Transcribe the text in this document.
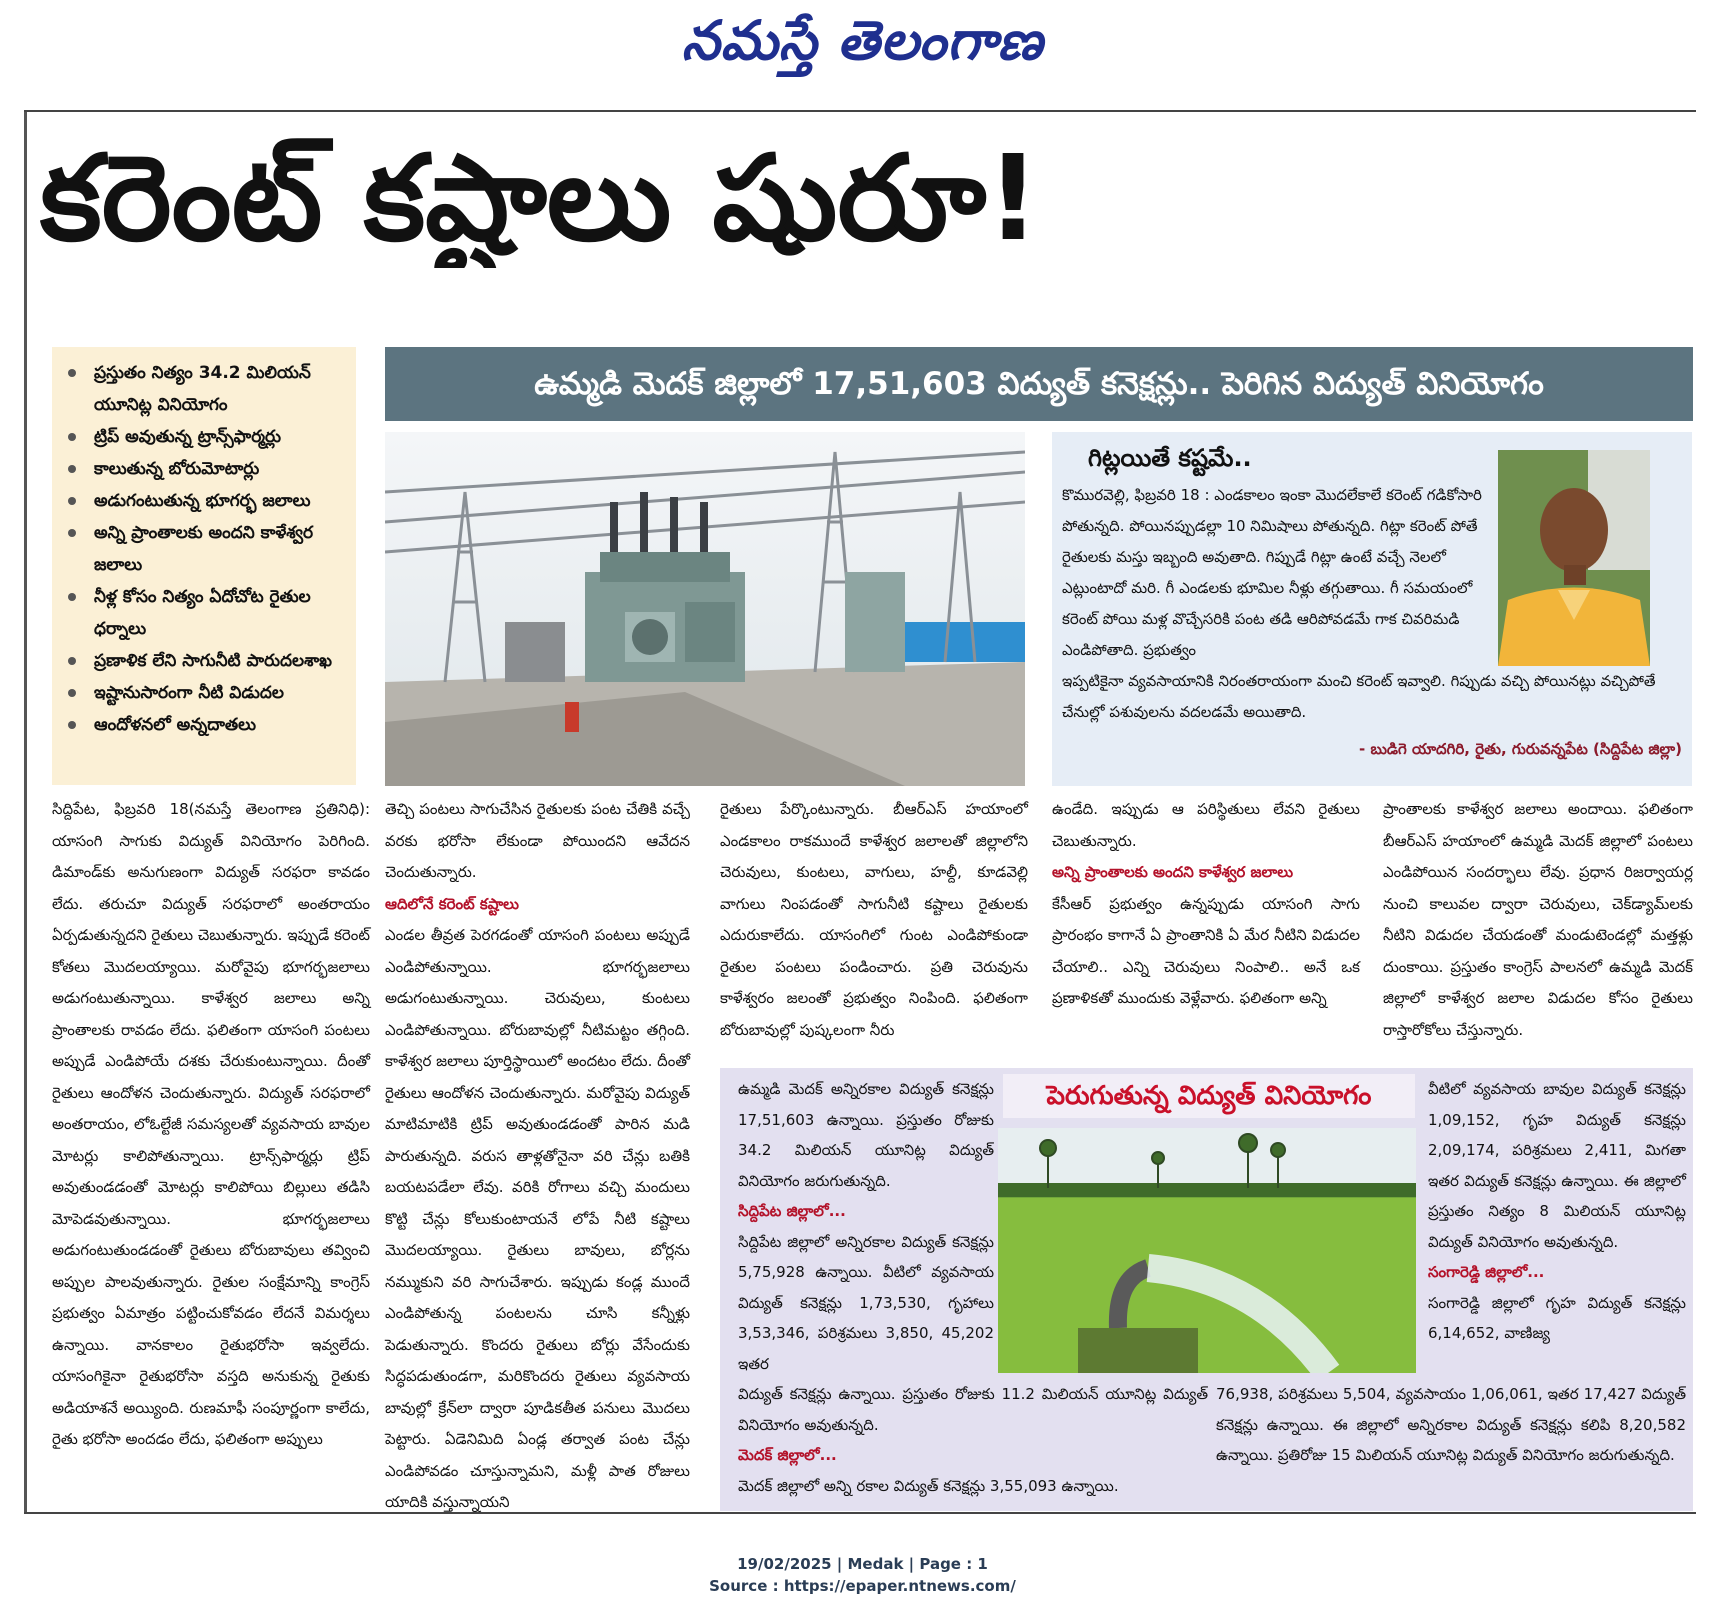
నమస్తే తెలంగాణ
కరెంట్ కష్టాలు షురూ!
ప్రస్తుతం నిత్యం 34.2 మిలియన్ యూనిట్ల వినియోగం
ట్రిప్ అవుతున్న ట్రాన్స్‌ఫార్మర్లు
కాలుతున్న బోరుమోటార్లు
అడుగంటుతున్న భూగర్భ జలాలు
అన్ని ప్రాంతాలకు అందని కాళేశ్వర జలాలు
నీళ్ల కోసం నిత్యం ఏదోచోట రైతుల ధర్నాలు
ప్రణాళిక లేని సాగునీటి పారుదలశాఖ
ఇష్టానుసారంగా నీటి విడుదల
ఆందోళనలో అన్నదాతలు
ఉమ్మడి మెదక్ జిల్లాలో 17,51,603 విద్యుత్ కనెక్షన్లు.. పెరిగిన విద్యుత్ వినియోగం
గిట్లయితే కష్టమే..
కొమురవెల్లి, ఫిబ్రవరి 18 : ఎండకాలం ఇంకా మొదలేకాలే కరెంట్ గడికోసారి పోతున్నది. పోయినప్పుడల్లా 10 నిమిషాలు పోతున్నది. గిట్లా కరెంట్ పోతే రైతులకు మస్తు ఇబ్బంది అవుతాది. గిప్పుడే గిట్లా ఉంటే వచ్చే నెలలో ఎట్లుంటాదో మరి. గీ ఎండలకు భూమిల నీళ్లు తగ్గుతాయి. గీ సమయంలో కరెంట్ పోయి మళ్ల వొచ్చేసరికి పంట తడి ఆరిపోవడమే గాక చివరిమడి ఎండిపోతాది. ప్రభుత్వం
ఇప్పటికైనా వ్యవసాయానికి నిరంతరాయంగా మంచి కరెంట్ ఇవ్వాలి. గిప్పుడు వచ్చి పోయినట్లు వచ్చిపోతే చేనుల్లో పశువులను వదలడమే అయితాది.
- బుడిగె యాదగిరి, రైతు, గురువన్నపేట (సిద్దిపేట జిల్లా)

సిద్దిపేట, ఫిబ్రవరి 18(నమస్తే తెలంగాణ ప్రతినిధి): యాసంగి సాగుకు విద్యుత్ వినియోగం పెరిగింది. డిమాండ్‌కు అనుగుణంగా విద్యుత్ సరఫరా కావడం లేదు. తరుచూ విద్యుత్ సరఫరాలో అంతరాయం ఏర్పడుతున్నదని రైతులు చెబుతున్నారు. ఇప్పుడే కరెంట్ కోతలు మొదలయ్యాయి. మరోవైపు భూగర్భజలాలు అడుగంటుతున్నాయి. కాళేశ్వర జలాలు అన్ని ప్రాంతాలకు రావడం లేదు. ఫలితంగా యాసంగి పంటలు అప్పుడే ఎండిపోయే దశకు చేరుకుంటున్నాయి. దీంతో రైతులు ఆందోళన చెందుతున్నారు. విద్యుత్ సరఫరాలో అంతరాయం, లోఓల్టేజీ సమస్యలతో వ్యవసాయ బావుల మోటర్లు కాలిపోతున్నాయి. ట్రాన్స్‌ఫార్మర్లు ట్రిప్ అవుతుండడంతో మోటర్లు కాలిపోయి బిల్లులు తడిసి మోపెడవుతున్నాయి. భూగర్భజలాలు అడుగంటుతుండడంతో రైతులు బోరుబావులు తవ్వించి అప్పుల పాలవుతున్నారు. రైతుల సంక్షేమాన్ని కాంగ్రెస్ ప్రభుత్వం ఏమాత్రం పట్టించుకోవడం లేదనే విమర్శలు ఉన్నాయి. వానకాలం రైతుభరోసా ఇవ్వలేదు. యాసంగికైనా రైతుభరోసా వస్తది అనుకున్న రైతుకు అడియాశనే అయ్యింది. రుణమాఫీ సంపూర్ణంగా కాలేదు, రైతు భరోసా అందడం లేదు, ఫలితంగా అప్పులు

తెచ్చి పంటలు సాగుచేసిన రైతులకు పంట చేతికి వచ్చే వరకు భరోసా లేకుండా పోయిందని ఆవేదన చెందుతున్నారు.

ఆదిలోనే కరెంట్ కష్టాలు

ఎండల తీవ్రత పెరగడంతో యాసంగి పంటలు అప్పుడే ఎండిపోతున్నాయి. భూగర్భజలాలు అడుగంటుతున్నాయి. చెరువులు, కుంటలు ఎండిపోతున్నాయి. బోరుబావుల్లో నీటిమట్టం తగ్గింది. కాళేశ్వర జలాలు పూర్తిస్థాయిలో అందటం లేదు. దీంతో రైతులు ఆందోళన చెందుతున్నారు. మరోవైపు విద్యుత్ మాటిమాటికి ట్రిప్ అవుతుండడంతో పారిన మడి పారుతున్నది. వరుస తాళ్లతోనైనా వరి చేన్లు బతికి బయటపడేలా లేవు. వరికి రోగాలు వచ్చి మందులు కొట్టి చేన్లు కోలుకుంటాయనే లోపే నీటి కష్టాలు మొదలయ్యాయి. రైతులు బావులు, బోర్లను నమ్ముకుని వరి సాగుచేశారు. ఇప్పుడు కండ్ల ముందే ఎండిపోతున్న పంటలను చూసి కన్నీళ్లు పెడుతున్నారు. కొందరు రైతులు బోర్లు వేసేందుకు సిద్ధపడుతుండగా, మరికొందరు రైతులు వ్యవసాయ బావుల్లో క్రేన్‌లా ద్వారా పూడికతీత పనులు మొదలు పెట్టారు. ఏడెనిమిది ఏండ్ల తర్వాత పంట చేన్లు ఎండిపోవడం చూస్తున్నామని, మళ్లీ పాత రోజులు యాదికి వస్తున్నాయని

రైతులు పేర్కొంటున్నారు. బీఆర్‌ఎస్ హయాంలో ఎండకాలం రాకముందే కాళేశ్వర జలాలతో జిల్లాలోని చెరువులు, కుంటలు, వాగులు, హల్దీ, కూడవెల్లి వాగులు నింపడంతో సాగునీటి కష్టాలు రైతులకు ఎదురుకాలేదు. యాసంగిలో గుంట ఎండిపోకుండా రైతుల పంటలు పండించారు. ప్రతి చెరువును కాళేశ్వరం జలంతో ప్రభుత్వం నింపింది. ఫలితంగా బోరుబావుల్లో పుష్కలంగా నీరు

ఉండేది. ఇప్పుడు ఆ పరిస్థితులు లేవని రైతులు చెబుతున్నారు.

అన్ని ప్రాంతాలకు అందని కాళేశ్వర జలాలు

కేసీఆర్ ప్రభుత్వం ఉన్నప్పుడు యాసంగి సాగు ప్రారంభం కాగానే ఏ ప్రాంతానికి ఏ మేర నీటిని విడుదల చేయాలి.. ఎన్ని చెరువులు నింపాలి.. అనే ఒక ప్రణాళికతో ముందుకు వెళ్లేవారు. ఫలితంగా అన్ని

ప్రాంతాలకు కాళేశ్వర జలాలు అందాయి. ఫలితంగా బీఆర్‌ఎస్ హయాంలో ఉమ్మడి మెదక్ జిల్లాలో పంటలు ఎండిపోయిన సందర్భాలు లేవు. ప్రధాన రిజర్వాయర్ల నుంచి కాలువల ద్వారా చెరువులు, చెక్‌డ్యామ్‌లకు నీటిని విడుదల చేయడంతో మండుటెండల్లో మత్తళ్లు దుంకాయి. ప్రస్తుతం కాంగ్రెస్ పాలనలో ఉమ్మడి మెదక్ జిల్లాలో కాళేశ్వర జలాల విడుదల కోసం రైతులు రాస్తారోకోలు చేస్తున్నారు.

పెరుగుతున్న విద్యుత్ వినియోగం
ఉమ్మడి మెదక్ అన్నిరకాల విద్యుత్ కనెక్షన్లు 17,51,603 ఉన్నాయి. ప్రస్తుతం రోజుకు 34.2 మిలియన్ యూనిట్ల విద్యుత్ వినియోగం జరుగుతున్నది.
సిద్దిపేట జిల్లాలో...
సిద్దిపేట జిల్లాలో అన్నిరకాల విద్యుత్ కనెక్షన్లు 5,75,928 ఉన్నాయి. వీటిలో వ్యవసాయ విద్యుత్ కనెక్షన్లు 1,73,530, గృహాలు 3,53,346, పరిశ్రమలు 3,850, 45,202 ఇతర
వీటిలో వ్యవసాయ బావుల విద్యుత్ కనెక్షన్లు 1,09,152, గృహ విద్యుత్ కనెక్షన్లు 2,09,174, పరిశ్రమలు 2,411, మిగతా ఇతర విద్యుత్ కనెక్షన్లు ఉన్నాయి. ఈ జిల్లాలో ప్రస్తుతం నిత్యం 8 మిలియన్ యూనిట్ల విద్యుత్ వినియోగం అవుతున్నది.
సంగారెడ్డి జిల్లాలో...
సంగారెడ్డి జిల్లాలో గృహ విద్యుత్ కనెక్షన్లు 6,14,652, వాణిజ్య
విద్యుత్ కనెక్షన్లు ఉన్నాయి. ప్రస్తుతం రోజుకు 11.2 మిలియన్ యూనిట్ల విద్యుత్ వినియోగం అవుతున్నది.
మెదక్ జిల్లాలో...
మెదక్ జిల్లాలో అన్ని రకాల విద్యుత్ కనెక్షన్లు 3,55,093 ఉన్నాయి.
76,938, పరిశ్రమలు 5,504, వ్యవసాయం 1,06,061, ఇతర 17,427 విద్యుత్ కనెక్షన్లు ఉన్నాయి. ఈ జిల్లాలో అన్నిరకాల విద్యుత్ కనెక్షన్లు కలిపి 8,20,582 ఉన్నాయి. ప్రతిరోజు 15 మిలియన్ యూనిట్ల విద్యుత్ వినియోగం జరుగుతున్నది.
19/02/2025 | Medak | Page : 1
Source : https://epaper.ntnews.com/
